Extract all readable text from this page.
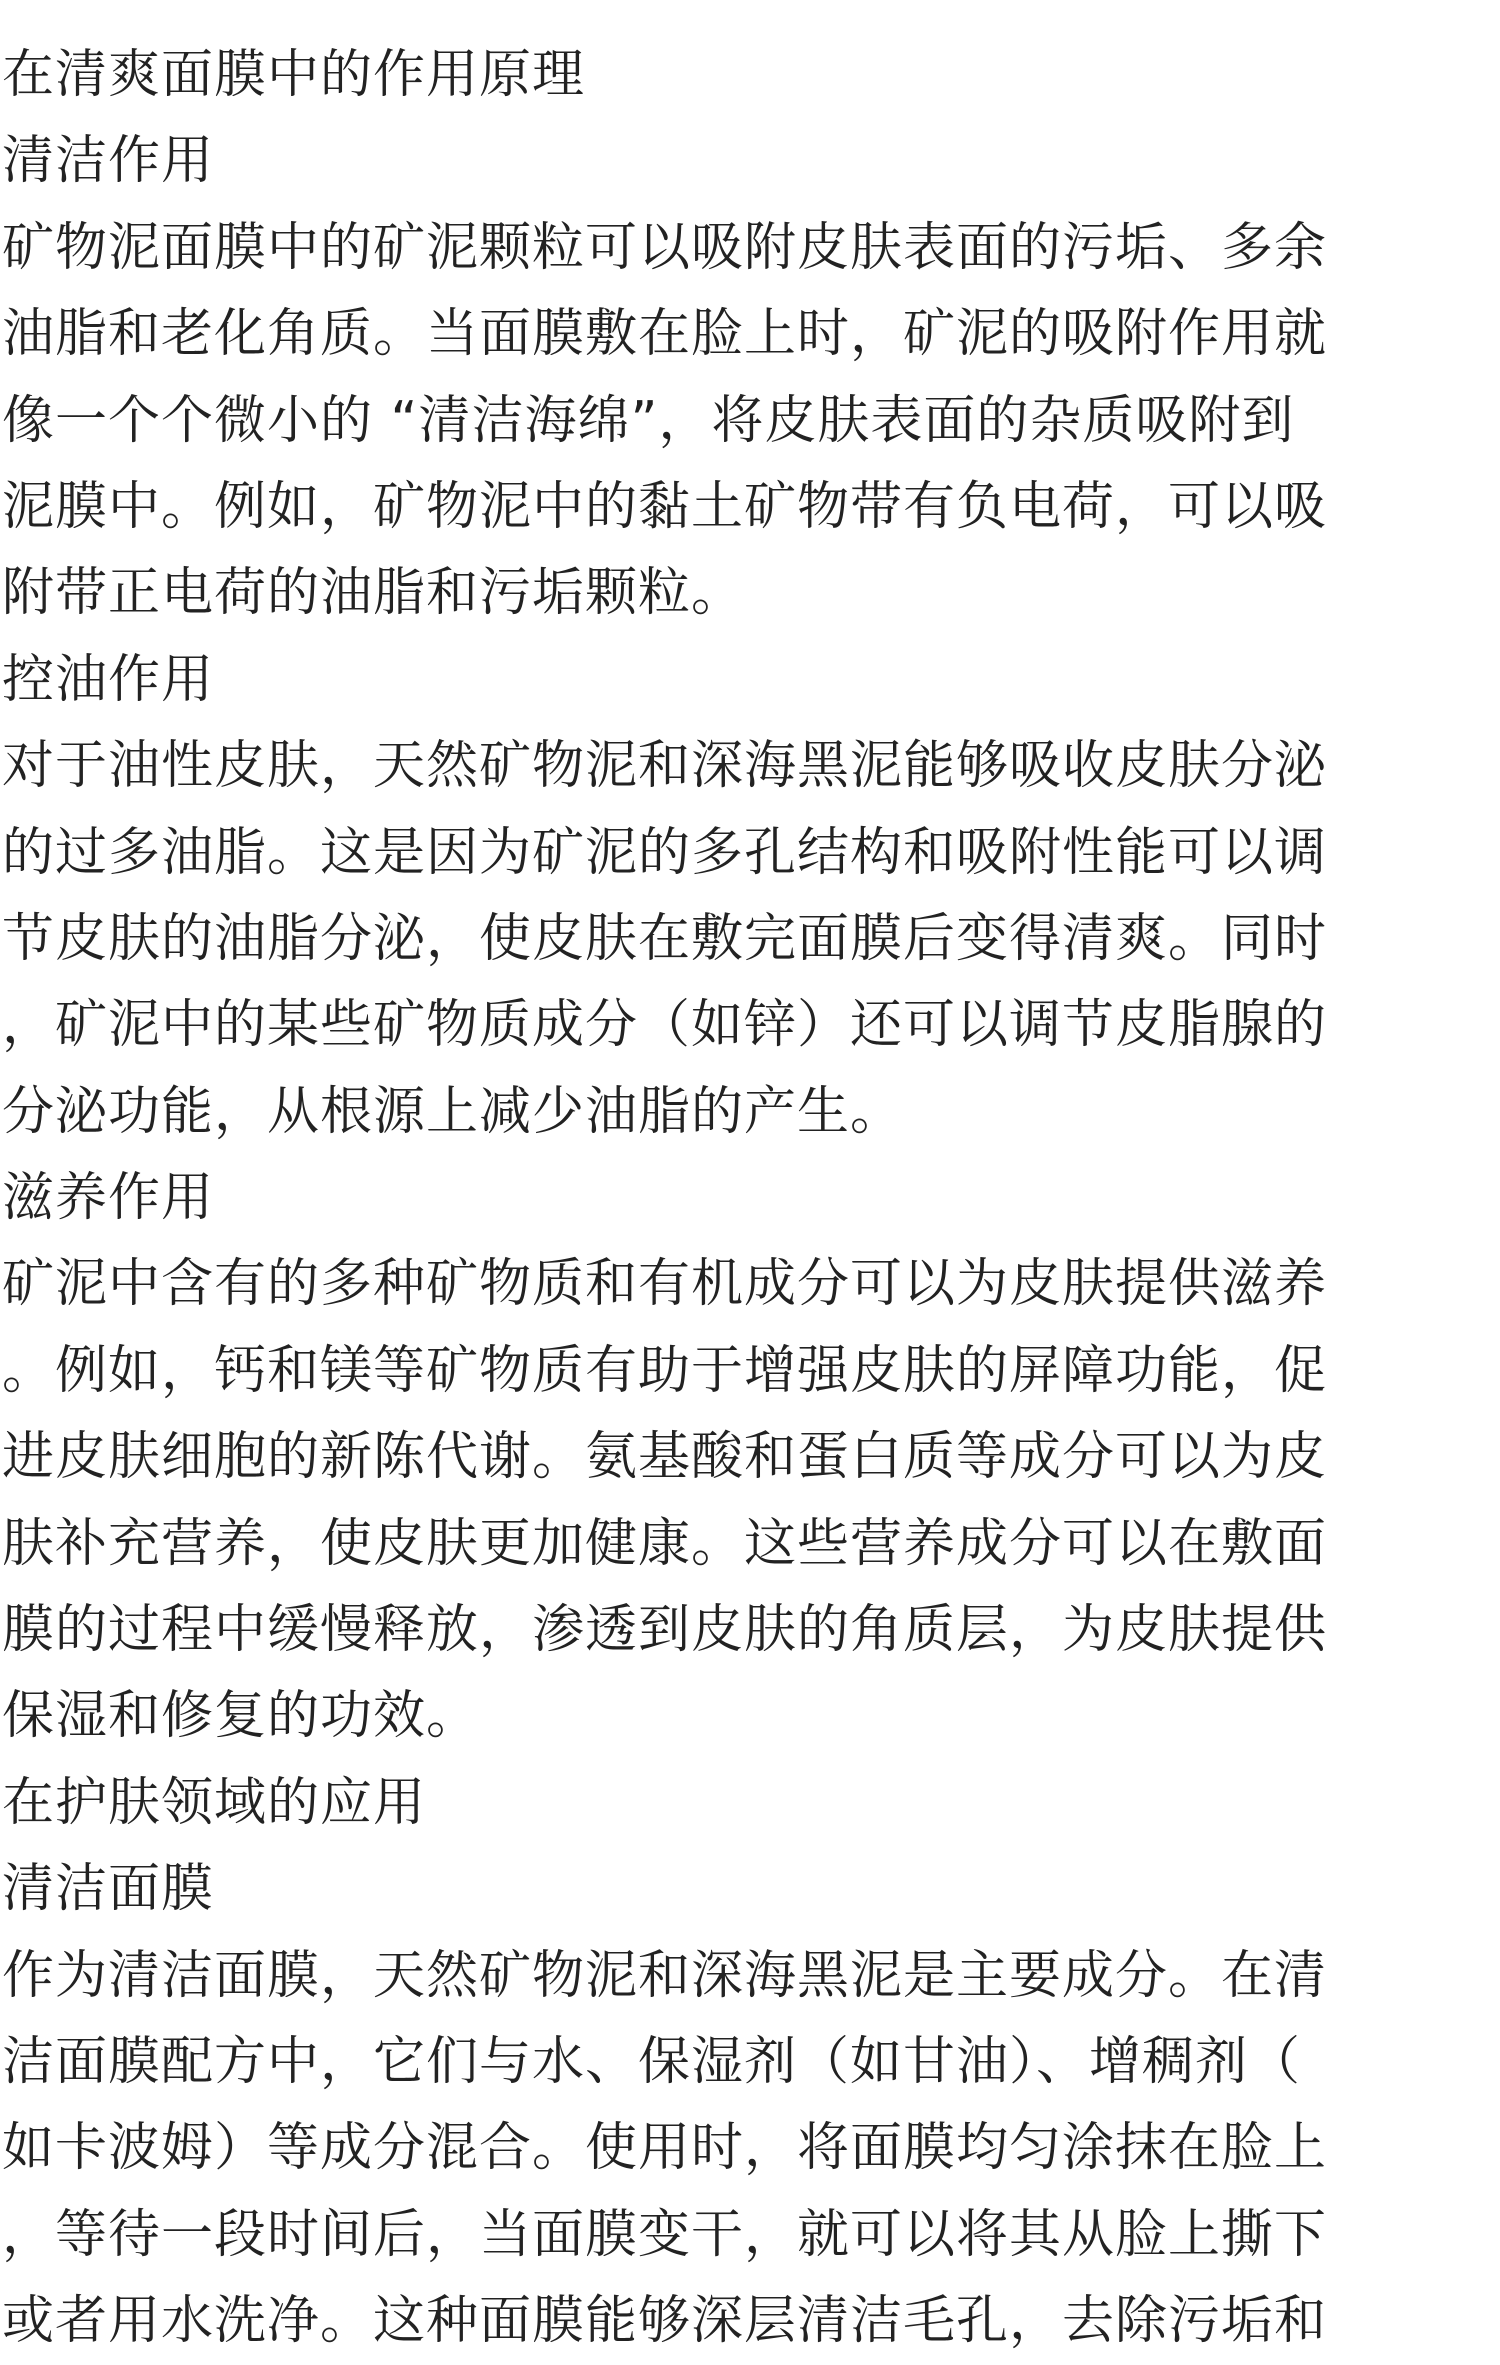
在清爽面膜中的作用原理
清洁作用
矿物泥面膜中的矿泥颗粒可以吸附皮肤表面的污垢、多余
油脂和老化角质。当面膜敷在脸上时，矿泥的吸附作用就
像一个个微小的 “清洁海绵”，将皮肤表面的杂质吸附到
泥膜中。例如，矿物泥中的黏土矿物带有负电荷，可以吸
附带正电荷的油脂和污垢颗粒。
控油作用
对于油性皮肤，天然矿物泥和深海黑泥能够吸收皮肤分泌
的过多油脂。这是因为矿泥的多孔结构和吸附性能可以调
节皮肤的油脂分泌，使皮肤在敷完面膜后变得清爽。同时
，矿泥中的某些矿物质成分（如锌）还可以调节皮脂腺的
分泌功能，从根源上减少油脂的产生。
滋养作用
矿泥中含有的多种矿物质和有机成分可以为皮肤提供滋养
。例如，钙和镁等矿物质有助于增强皮肤的屏障功能，促
进皮肤细胞的新陈代谢。氨基酸和蛋白质等成分可以为皮
肤补充营养，使皮肤更加健康。这些营养成分可以在敷面
膜的过程中缓慢释放，渗透到皮肤的角质层，为皮肤提供
保湿和修复的功效。
在护肤领域的应用
清洁面膜
作为清洁面膜，天然矿物泥和深海黑泥是主要成分。在清
洁面膜配方中，它们与水、保湿剂（如甘油）、增稠剂（
如卡波姆）等成分混合。使用时，将面膜均匀涂抹在脸上
，等待一段时间后，当面膜变干，就可以将其从脸上撕下
或者用水洗净。这种面膜能够深层清洁毛孔，去除污垢和
